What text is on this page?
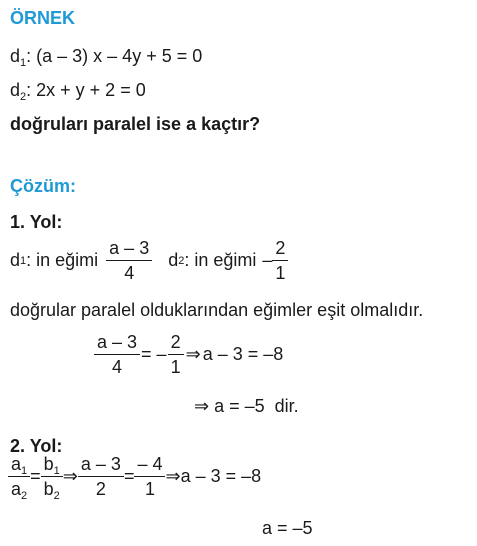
ÖRNEK
$d_1$: (a – 3) x – 4y + 5 = 0
$d_2$: 2x + y + 2 = 0
doğruları paralel ise a kaçtır?
Çözüm:
1. Yol:
d 1 : in eğimi $\frac{a - 3}{4}$ d 2 : in eğimi – $\frac{2}{1}$
doğrular paralel olduklarından eğimler eşit olmalıdır.
$\frac{a - 3}{4}$ = – $\frac{2}{1}$ ⇒ a – 3 = –8
⇒ a = –5  dir.
2. Yol:
$\frac{a_1}{a_2} = \frac{b_1}{b_2}$ ⇒ $\frac{a - 3}{2} = \frac{- 4}{1}$ ⇒ a – 3 = –8
a = –5
